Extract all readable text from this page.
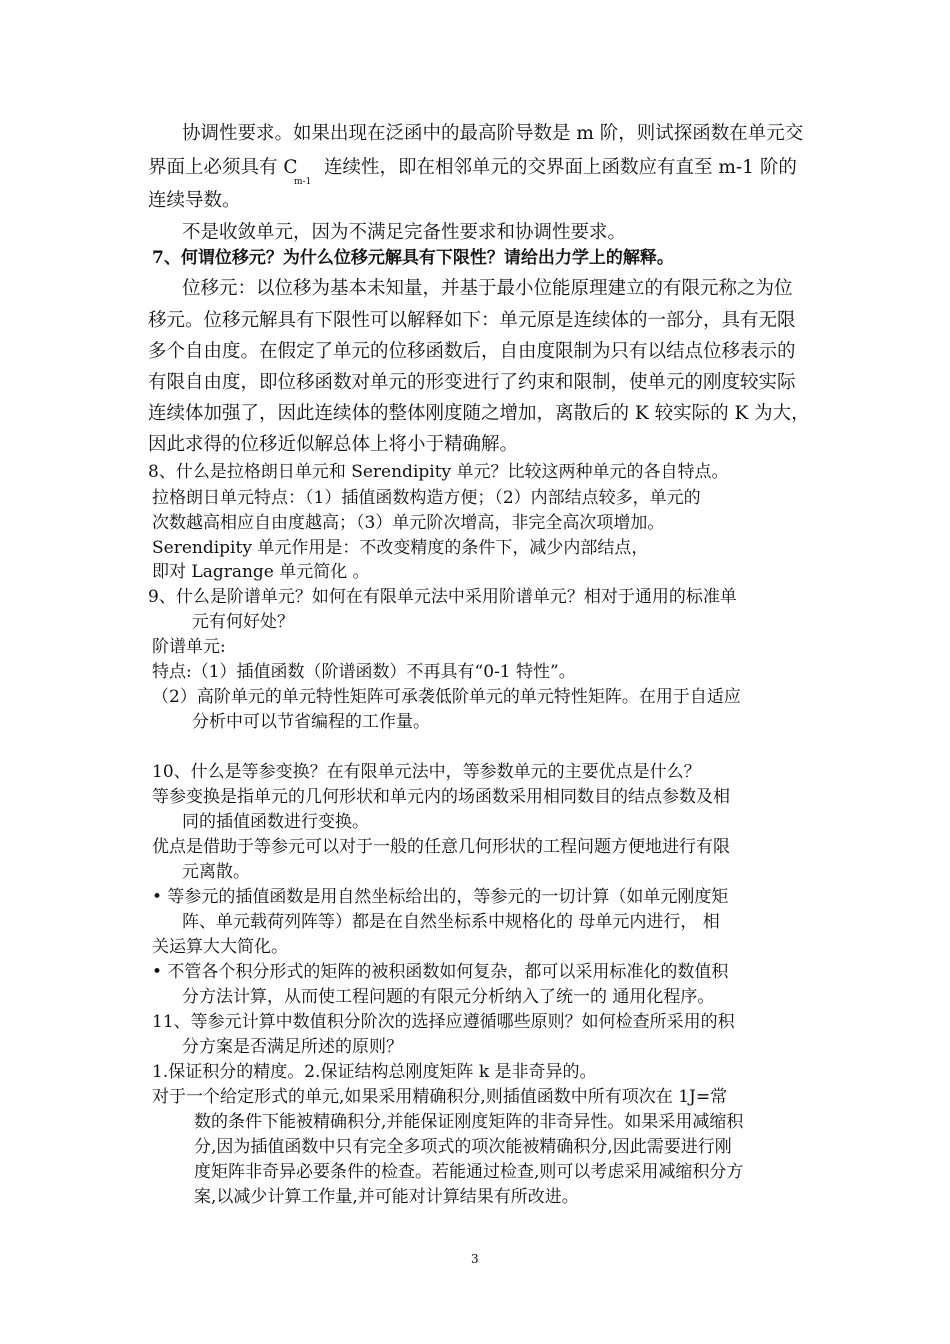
协调性要求。如果出现在泛函中的最高阶导数是 m 阶，则试探函数在单元交
界面上必须具有 C
m-1
连续性，即在相邻单元的交界面上函数应有直至 m-1 阶的
连续导数。
不是收敛单元，因为不满足完备性要求和协调性要求。
7、何谓位移元？为什么位移元解具有下限性？请给出力学上的解释。
位移元：以位移为基本未知量，并基于最小位能原理建立的有限元称之为位
移元。位移元解具有下限性可以解释如下：单元原是连续体的一部分，具有无限
多个自由度。在假定了单元的位移函数后，自由度限制为只有以结点位移表示的
有限自由度，即位移函数对单元的形变进行了约束和限制，使单元的刚度较实际
连续体加强了，因此连续体的整体刚度随之增加，离散后的 K 较实际的 K 为大，
因此求得的位移近似解总体上将小于精确解。
8、什么是拉格朗日单元和 Serendipity 单元？比较这两种单元的各自特点。
拉格朗日单元特点：（1）插值函数构造方便；（2）内部结点较多，单元的
次数越高相应自由度越高；（3）单元阶次增高，非完全高次项增加。
Serendipity 单元作用是：不改变精度的条件下，减少内部结点，
即对 Lagrange 单元简化 。
9、什么是阶谱单元？如何在有限单元法中采用阶谱单元？相对于通用的标准单
元有何好处？
阶谱单元:
特点:（1）插值函数（阶谱函数）不再具有“0-1 特性”。
（2）高阶单元的单元特性矩阵可承袭低阶单元的单元特性矩阵。在用于自适应
分析中可以节省编程的工作量。
10、什么是等参变换？在有限单元法中，等参数单元的主要优点是什么？
等参变换是指单元的几何形状和单元内的场函数采用相同数目的结点参数及相
同的插值函数进行变换。
优点是借助于等参元可以对于一般的任意几何形状的工程问题方便地进行有限
元离散。
• 等参元的插值函数是用自然坐标给出的，等参元的一切计算（如单元刚度矩
阵、单元载荷列阵等）都是在自然坐标系中规格化的 母单元内进行， 相
关运算大大简化。
• 不管各个积分形式的矩阵的被积函数如何复杂，都可以采用标准化的数值积
分方法计算，从而使工程问题的有限元分析纳入了统一的 通用化程序。
11、等参元计算中数值积分阶次的选择应遵循哪些原则？如何检查所采用的积
分方案是否满足所述的原则？
1.保证积分的精度。2.保证结构总刚度矩阵 k 是非奇异的。
对于一个给定形式的单元,如果采用精确积分,则插值函数中所有项次在 1J=常
数的条件下能被精确积分,并能保证刚度矩阵的非奇异性。如果采用减缩积
分,因为插值函数中只有完全多项式的项次能被精确积分,因此需要进行刚
度矩阵非奇异必要条件的检查。若能通过检查,则可以考虑采用减缩积分方
案,以减少计算工作量,并可能对计算结果有所改进。
3
